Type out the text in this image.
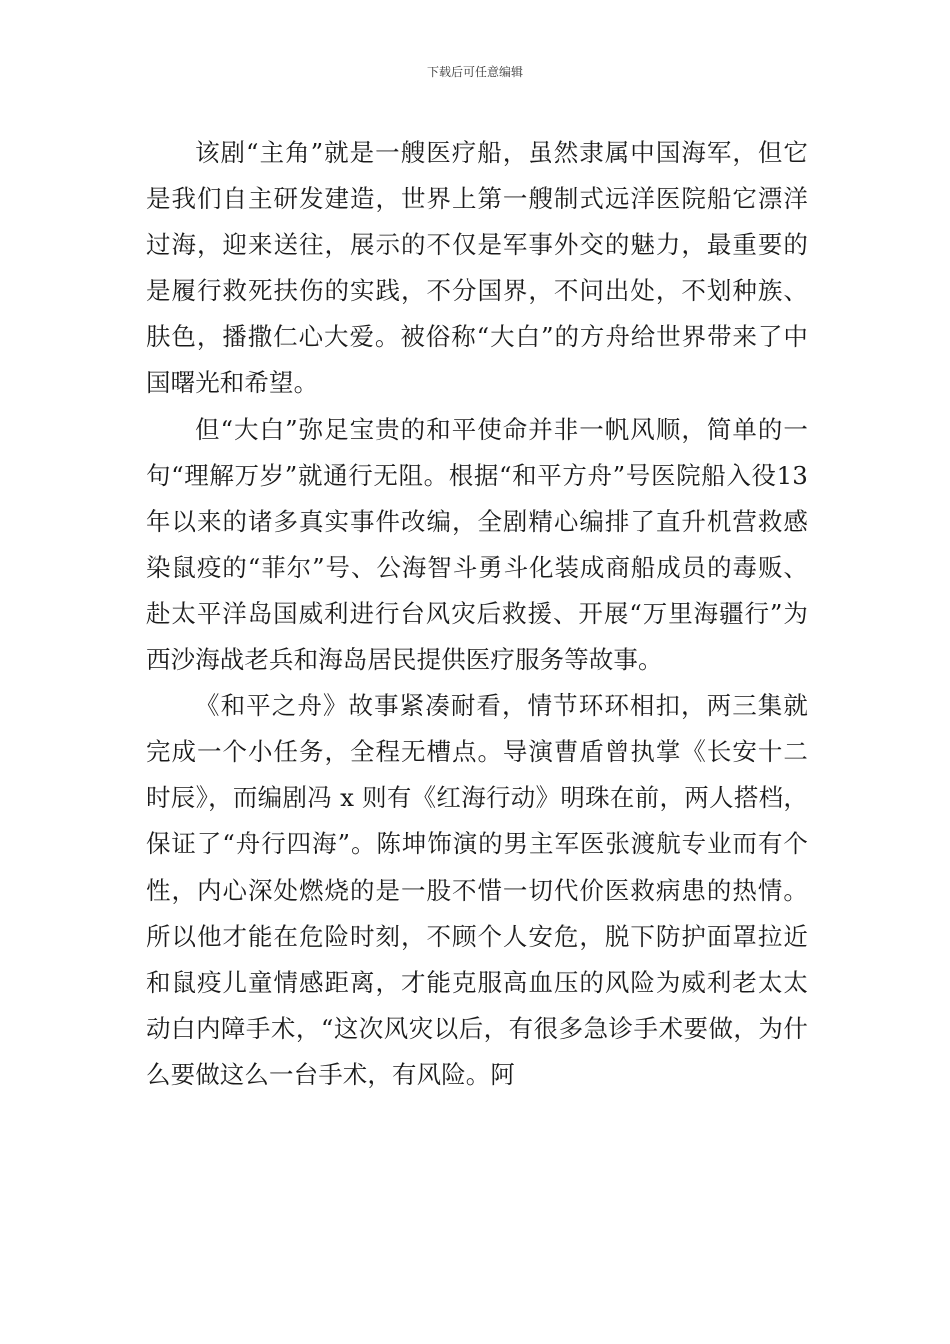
下载后可任意编辑

该剧“主角”就是一艘医疗船，虽然隶属中国海军，但它是我们自主研发建造，世界上第一艘制式远洋医院船它漂洋过海，迎来送往，展示的不仅是军事外交的魅力，最重要的是履行救死扶伤的实践，不分国界，不问出处，不划种族、肤色，播撒仁心大爱。被俗称“大白”的方舟给世界带来了中国曙光和希望。

但“大白”弥足宝贵的和平使命并非一帆风顺，简单的一句“理解万岁”就通行无阻。根据“和平方舟”号医院船入役13年以来的诸多真实事件改编，全剧精心编排了直升机营救感染鼠疫的“菲尔”号、公海智斗勇斗化装成商船成员的毒贩、赴太平洋岛国威利进行台风灾后救援、开展“万里海疆行”为西沙海战老兵和海岛居民提供医疗服务等故事。

《和平之舟》故事紧凑耐看，情节环环相扣，两三集就完成一个小任务，全程无槽点。导演曹盾曾执掌《长安十二时辰》，而编剧冯 x 则有《红海行动》明珠在前，两人搭档，保证了“舟行四海”。陈坤饰演的男主军医张渡航专业而有个性，内心深处燃烧的是一股不惜一切代价医救病患的热情。所以他才能在危险时刻，不顾个人安危，脱下防护面罩拉近和鼠疫儿童情感距离，才能克服高血压的风险为威利老太太动白内障手术，“这次风灾以后，有很多急诊手术要做，为什么要做这么一台手术，有风险。阿
